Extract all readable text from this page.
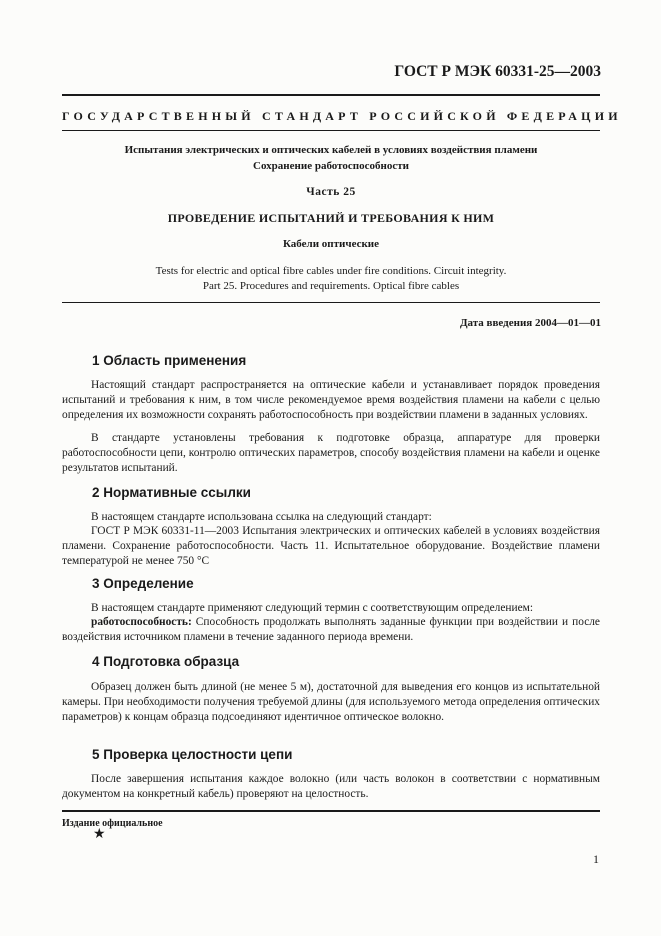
ГОСТ Р МЭК 60331-25—2003
ГОСУДАРСТВЕННЫЙ СТАНДАРТ РОССИЙСКОЙ ФЕДЕРАЦИИ
Испытания электрических и оптических кабелей в условиях воздействия пламени
Сохранение работоспособности
Часть 25
ПРОВЕДЕНИЕ ИСПЫТАНИЙ И ТРЕБОВАНИЯ К НИМ
Кабели оптические
Tests for electric and optical fibre cables under fire conditions. Circuit integrity.
Part 25. Procedures and requirements. Optical fibre cables
Дата введения 2004—01—01
1 Область применения
Настоящий стандарт распространяется на оптические кабели и устанавливает порядок проведения испытаний и требования к ним, в том числе рекомендуемое время воздействия пламени на кабели с целью определения их возможности сохранять работоспособность при воздействии пламени в заданных условиях.
В стандарте установлены требования к подготовке образца, аппаратуре для проверки работоспособности цепи, контролю оптических параметров, способу воздействия пламени на кабели и оценке результатов испытаний.
2 Нормативные ссылки
В настоящем стандарте использована ссылка на следующий стандарт:
ГОСТ Р МЭК 60331-11—2003 Испытания электрических и оптических кабелей в условиях воздействия пламени. Сохранение работоспособности. Часть 11. Испытательное оборудование. Воздействие пламени температурой не менее 750 °С
3 Определение
В настоящем стандарте применяют следующий термин с соответствующим определением:
работоспособность: Способность продолжать выполнять заданные функции при воздействии и после воздействия источником пламени в течение заданного периода времени.
4 Подготовка образца
Образец должен быть длиной (не менее 5 м), достаточной для выведения его концов из испытательной камеры. При необходимости получения требуемой длины (для используемого метода определения оптических параметров) к концам образца подсоединяют идентичное оптическое волокно.
5 Проверка целостности цепи
После завершения испытания каждое волокно (или часть волокон в соответствии с нормативным документом на конкретный кабель) проверяют на целостность.
Издание официальное
★
1
